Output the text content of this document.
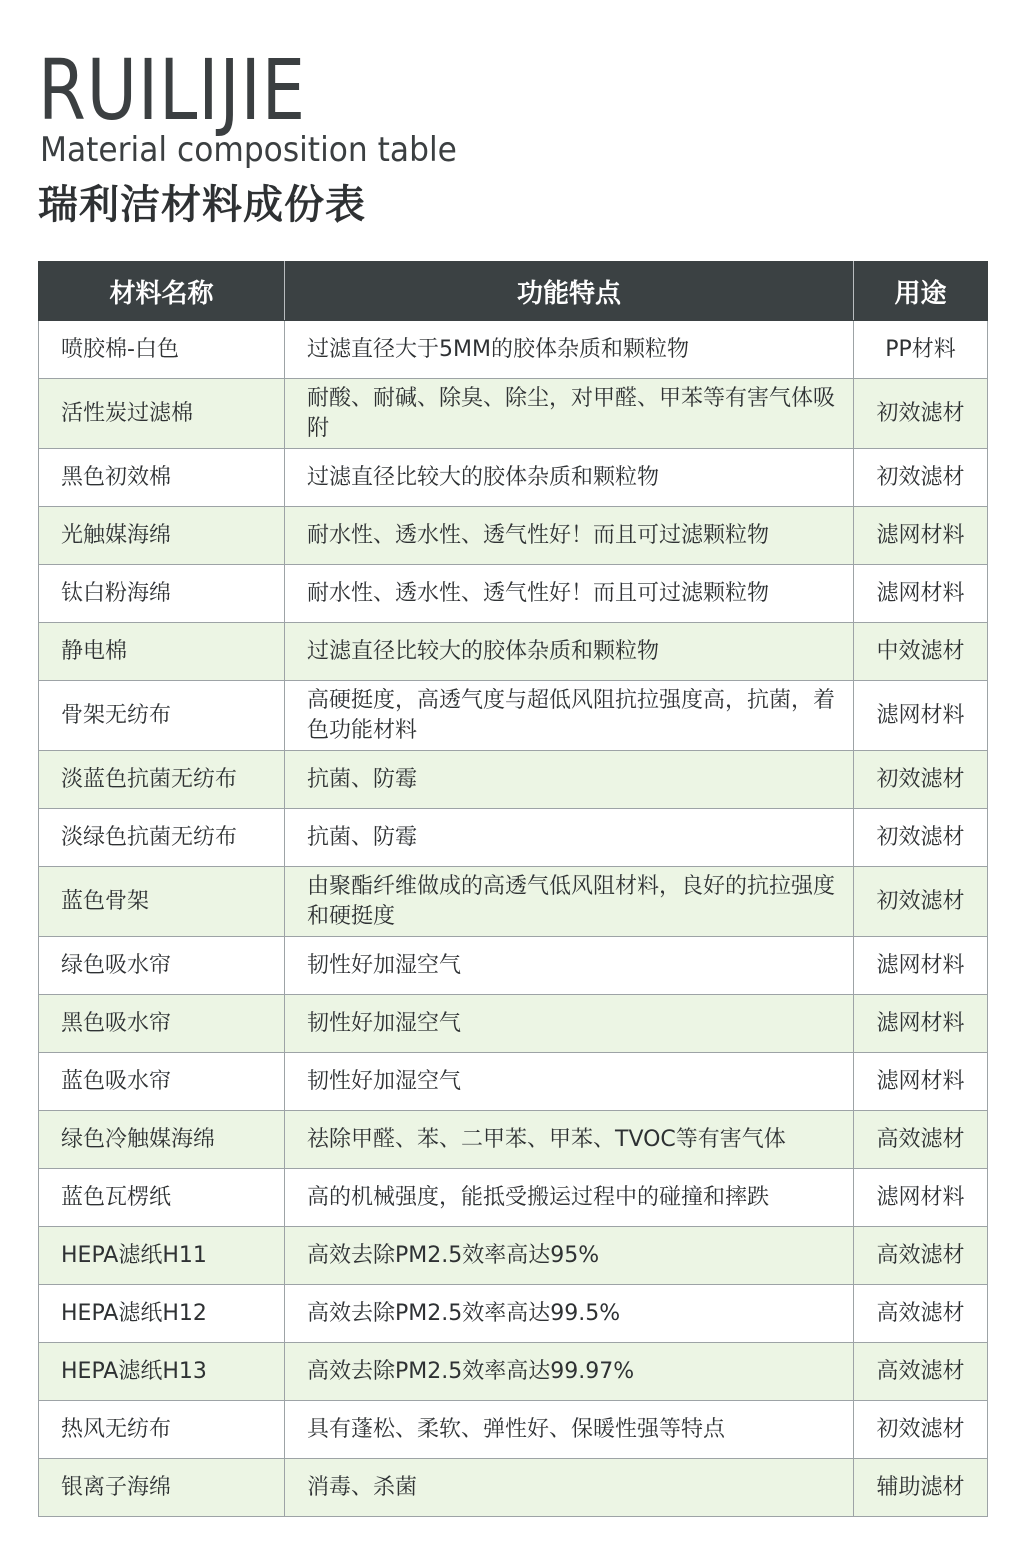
RUILIJIE
Material composition table
瑞利洁材料成份表
材料名称	功能特点	用途
喷胶棉-白色	过滤直径大于5MM的胶体杂质和颗粒物	PP材料
活性炭过滤棉	耐酸、耐碱、除臭、除尘，对甲醛、甲苯等有害气体吸附	初效滤材
黑色初效棉	过滤直径比较大的胶体杂质和颗粒物	初效滤材
光触媒海绵	耐水性、透水性、透气性好！而且可过滤颗粒物	滤网材料
钛白粉海绵	耐水性、透水性、透气性好！而且可过滤颗粒物	滤网材料
静电棉	过滤直径比较大的胶体杂质和颗粒物	中效滤材
骨架无纺布	高硬挺度，高透气度与超低风阻抗拉强度高，抗菌，着色功能材料	滤网材料
淡蓝色抗菌无纺布	抗菌、防霉	初效滤材
淡绿色抗菌无纺布	抗菌、防霉	初效滤材
蓝色骨架	由聚酯纤维做成的高透气低风阻材料，良好的抗拉强度和硬挺度	初效滤材
绿色吸水帘	韧性好加湿空气	滤网材料
黑色吸水帘	韧性好加湿空气	滤网材料
蓝色吸水帘	韧性好加湿空气	滤网材料
绿色冷触媒海绵	祛除甲醛、苯、二甲苯、甲苯、TVOC等有害气体	高效滤材
蓝色瓦楞纸	高的机械强度，能抵受搬运过程中的碰撞和摔跌	滤网材料
HEPA滤纸H11	高效去除PM2.5效率高达95%	高效滤材
HEPA滤纸H12	高效去除PM2.5效率高达99.5%	高效滤材
HEPA滤纸H13	高效去除PM2.5效率高达99.97%	高效滤材
热风无纺布	具有蓬松、柔软、弹性好、保暖性强等特点	初效滤材
银离子海绵	消毒、杀菌	辅助滤材
